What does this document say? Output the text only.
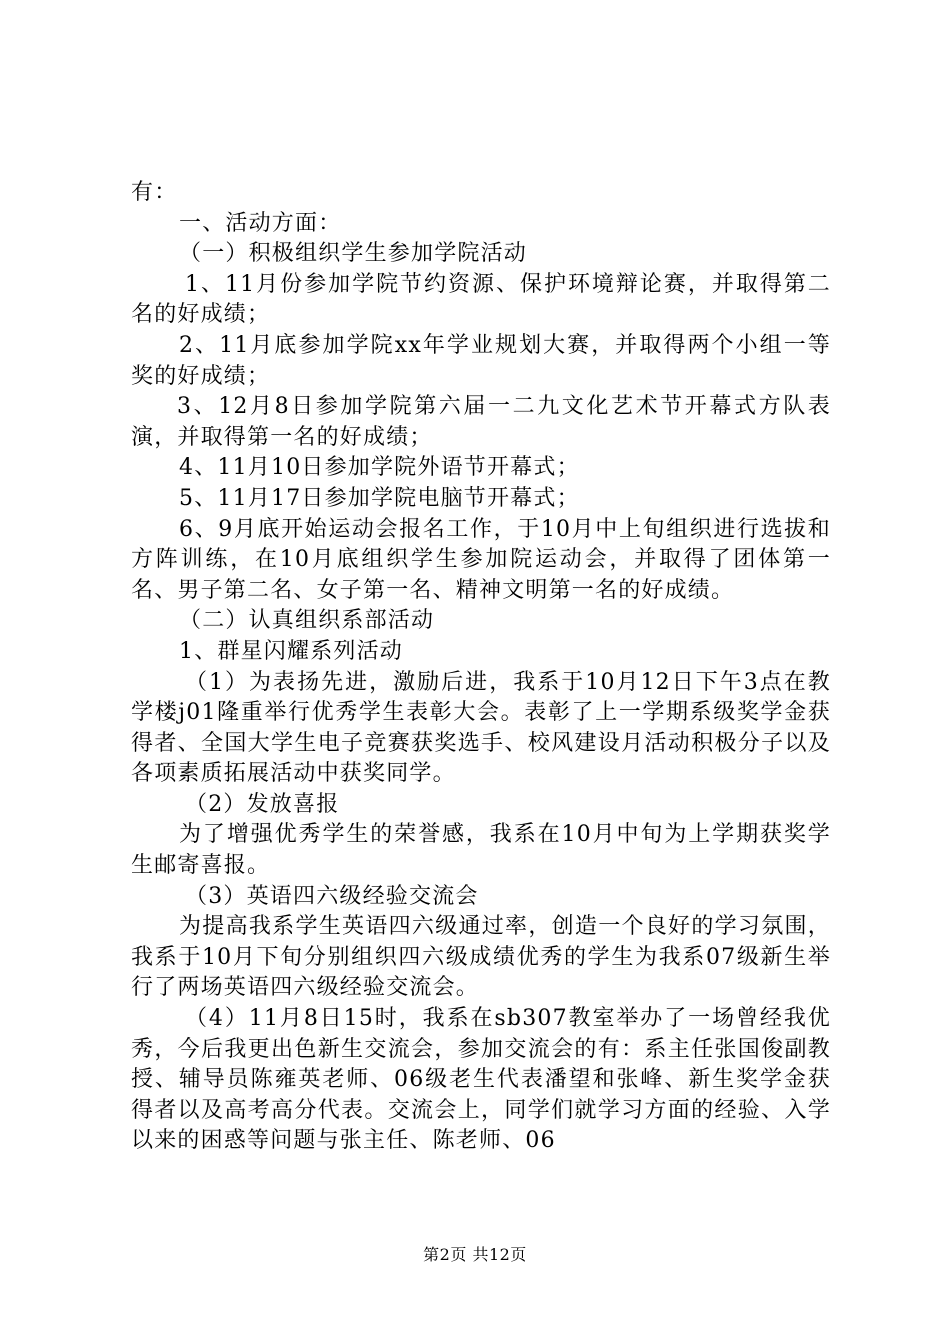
有：

一、活动方面：

（一）积极组织学生参加学院活动

1、11月份参加学院节约资源、保护环境辩论赛，并取得第二名的好成绩；

2、11月底参加学院xx年学业规划大赛，并取得两个小组一等奖的好成绩；

3、12月8日参加学院第六届一二九文化艺术节开幕式方队表演，并取得第一名的好成绩；

4、11月10日参加学院外语节开幕式；

5、11月17日参加学院电脑节开幕式；

6、9月底开始运动会报名工作，于10月中上旬组织进行选拔和方阵训练，在10月底组织学生参加院运动会，并取得了团体第一名、男子第二名、女子第一名、精神文明第一名的好成绩。

（二）认真组织系部活动

1、群星闪耀系列活动

（1）为表扬先进，激励后进，我系于10月12日下午3点在教学楼j01隆重举行优秀学生表彰大会。表彰了上一学期系级奖学金获得者、全国大学生电子竞赛获奖选手、校风建设月活动积极分子以及各项素质拓展活动中获奖同学。

（2）发放喜报

为了增强优秀学生的荣誉感，我系在10月中旬为上学期获奖学生邮寄喜报。

（3）英语四六级经验交流会

为提高我系学生英语四六级通过率，创造一个良好的学习氛围，我系于10月下旬分别组织四六级成绩优秀的学生为我系07级新生举行了两场英语四六级经验交流会。

（4）11月8日15时，我系在sb307教室举办了一场曾经我优秀，今后我更出色新生交流会，参加交流会的有：系主任张国俊副教授、辅导员陈雍英老师、06级老生代表潘望和张峰、新生奖学金获得者以及高考高分代表。交流会上，同学们就学习方面的经验、入学以来的困惑等问题与张主任、陈老师、06

第2页 共12页
